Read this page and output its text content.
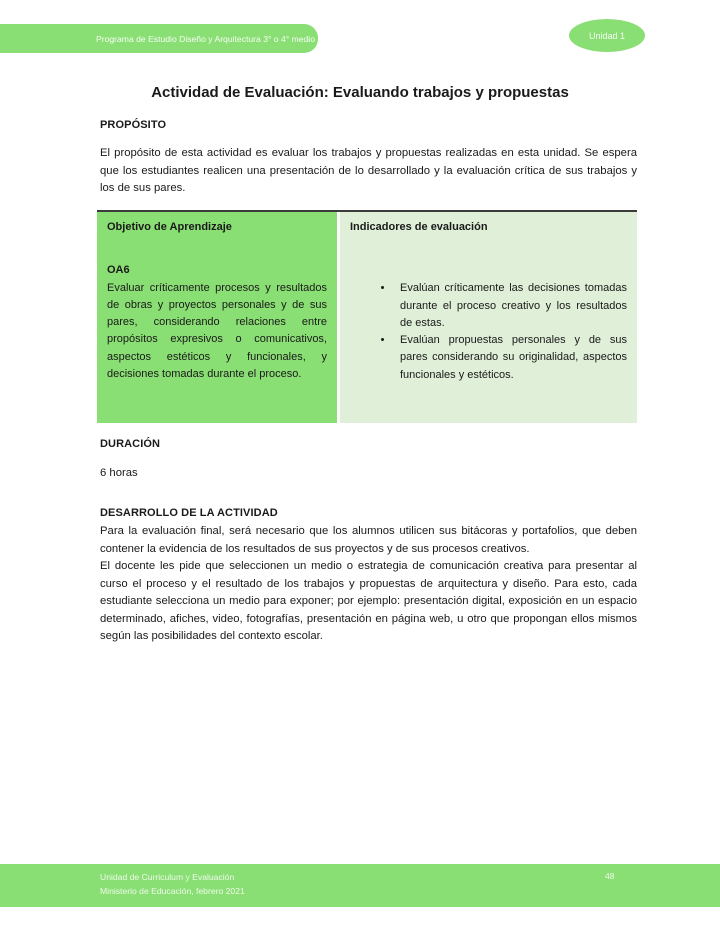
Programa de Estudio Diseño y Arquitectura 3° o 4° medio	Unidad 1
Actividad de Evaluación: Evaluando trabajos y propuestas
PROPÓSITO

El propósito de esta actividad es evaluar los trabajos y propuestas realizadas en esta unidad. Se espera que los estudiantes realicen una presentación de lo desarrollado y la evaluación crítica de sus trabajos y los de sus pares.

Objetivo de Aprendizaje
OA6
Evaluar críticamente procesos y resultados de obras y proyectos personales y de sus pares, considerando relaciones entre propósitos expresivos o comunicativos, aspectos estéticos y funcionales, y decisiones tomadas durante el proceso.
Indicadores de evaluación
• Evalúan críticamente las decisiones tomadas durante el proceso creativo y los resultados de estas.
• Evalúan propuestas personales y de sus pares considerando su originalidad, aspectos funcionales y estéticos.
DURACIÓN

6 horas

DESARROLLO DE LA ACTIVIDAD

Para la evaluación final, será necesario que los alumnos utilicen sus bitácoras y portafolios, que deben contener la evidencia de los resultados de sus proyectos y de sus procesos creativos.

El docente les pide que seleccionen un medio o estrategia de comunicación creativa para presentar al curso el proceso y el resultado de los trabajos y propuestas de arquitectura y diseño. Para esto, cada estudiante selecciona un medio para exponer; por ejemplo: presentación digital, exposición en un espacio determinado, afiches, video, fotografías, presentación en página web, u otro que propongan ellos mismos según las posibilidades del contexto escolar.

Unidad de Curriculum y Evaluación
Ministerio de Educación, febrero 2021
48
